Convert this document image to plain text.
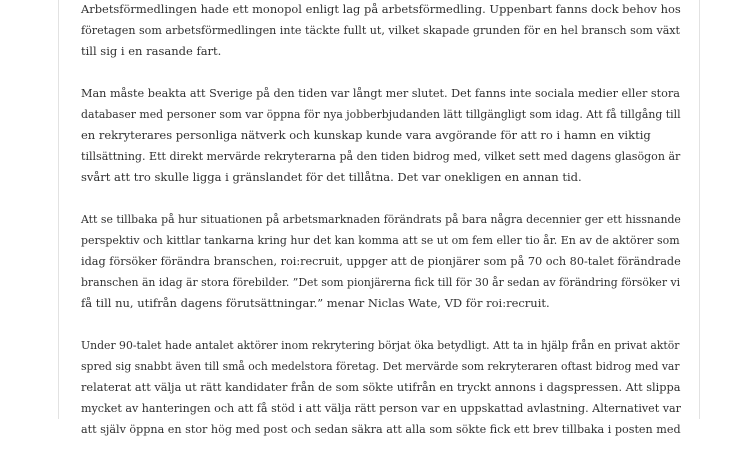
Arbetsförmedlingen hade ett monopol enligt lag på arbetsförmedling. Uppenbart fanns dock behov hos
företagen som arbetsförmedlingen inte täckte fullt ut, vilket skapade grunden för en hel bransch som växt
till sig i en rasande fart.

Man måste beakta att Sverige på den tiden var långt mer slutet. Det fanns inte sociala medier eller stora
databaser med personer som var öppna för nya jobberbjudanden lätt tillgängligt som idag. Att få tillgång till
en rekryterares personliga nätverk och kunskap kunde vara avgörande för att ro i hamn en viktig
tillsättning. Ett direkt mervärde rekryterarna på den tiden bidrog med, vilket sett med dagens glasögon är
svårt att tro skulle ligga i gränslandet för det tillåtna. Det var onekligen en annan tid.

Att se tillbaka på hur situationen på arbetsmarknaden förändrats på bara några decennier ger ett hissnande
perspektiv och kittlar tankarna kring hur det kan komma att se ut om fem eller tio år. En av de aktörer som
idag försöker förändra branschen, roi:recruit, uppger att de pionjärer som på 70 och 80-talet förändrade
branschen än idag är stora förebilder. ”Det som pionjärerna fick till för 30 år sedan av förändring försöker vi
få till nu, utifrån dagens förutsättningar.” menar Niclas Wate, VD för roi:recruit.

Under 90-talet hade antalet aktörer inom rekrytering börjat öka betydligt. Att ta in hjälp från en privat aktör
spred sig snabbt även till små och medelstora företag. Det mervärde som rekryteraren oftast bidrog med var
relaterat att välja ut rätt kandidater från de som sökte utifrån en tryckt annons i dagspressen. Att slippa
mycket av hanteringen och att få stöd i att välja rätt person var en uppskattad avlastning. Alternativet var
att själv öppna en stor hög med post och sedan säkra att alla som sökte fick ett brev tillbaka i posten med
